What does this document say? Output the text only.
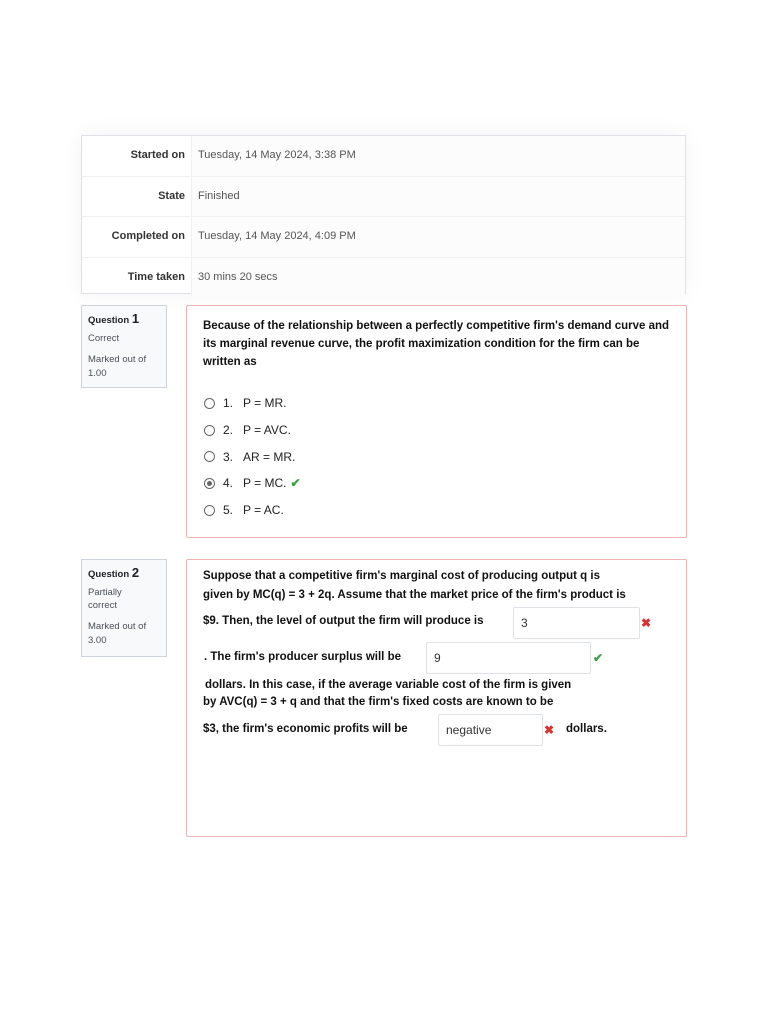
Started on	Tuesday, 14 May 2024, 3:38 PM
State	Finished
Completed on	Tuesday, 14 May 2024, 4:09 PM
Time taken	30 mins 20 secs
Question 1
Correct
Marked out of 1.00
Because of the relationship between a perfectly competitive firm's demand curve and its marginal revenue curve, the profit maximization condition for the firm can be written as
1. P = MR.
2. P = AVC.
3. AR = MR.
4. P = MC. ✔
5. P = AC.
Question 2
Partially correct
Marked out of 3.00
Suppose that a competitive firm's marginal cost of producing output q is
given by MC(q) = 3 + 2q. Assume that the market price of the firm's product is
$9. Then, the level of output the firm will produce is	3	✖
. The firm's producer surplus will be	9	✔
dollars. In this case, if the average variable cost of the firm is given
by AVC(q) = 3 + q and that the firm's fixed costs are known to be
$3, the firm's economic profits will be	negative	✖ dollars.
